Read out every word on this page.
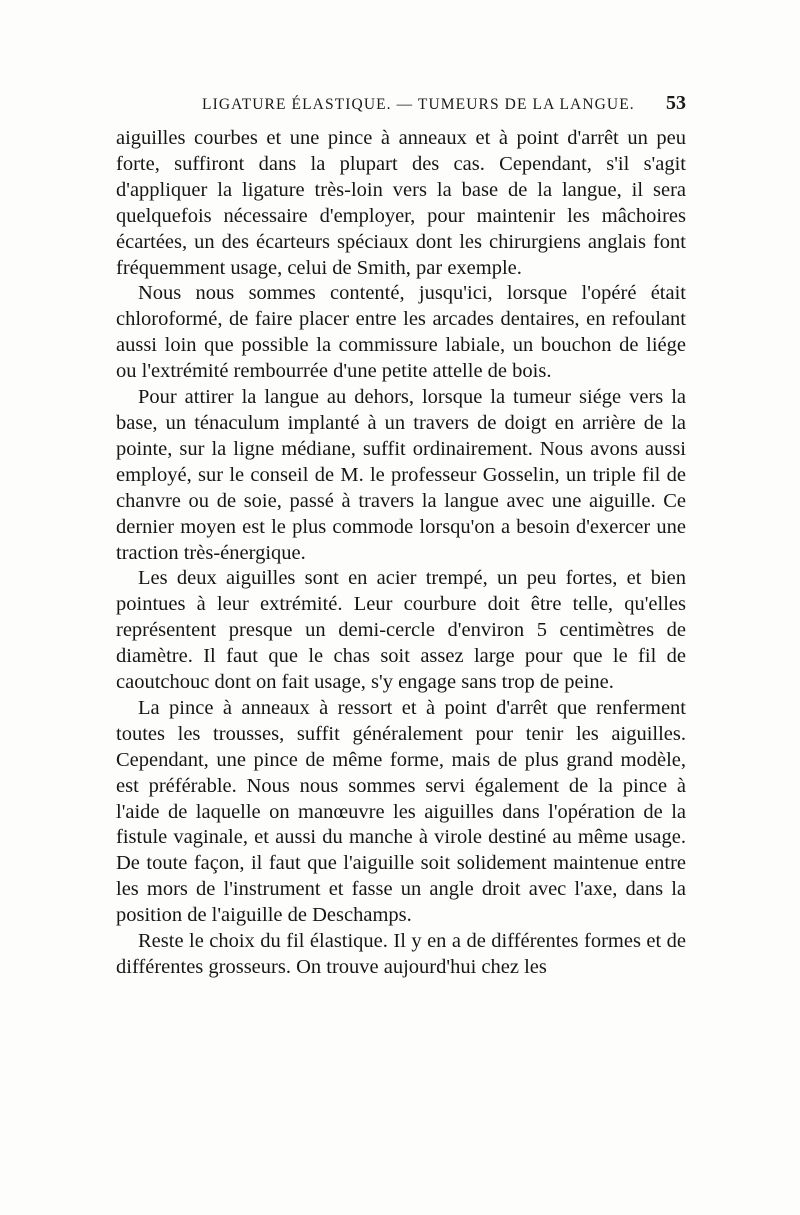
LIGATURE ÉLASTIQUE. — TUMEURS DE LA LANGUE. 53

aiguilles courbes et une pince à anneaux et à point d'arrêt un peu forte, suffiront dans la plupart des cas. Cependant, s'il s'agit d'appliquer la ligature très-loin vers la base de la langue, il sera quelquefois nécessaire d'employer, pour maintenir les mâchoires écartées, un des écarteurs spéciaux dont les chirurgiens anglais font fréquemment usage, celui de Smith, par exemple.

Nous nous sommes contenté, jusqu'ici, lorsque l'opéré était chloroformé, de faire placer entre les arcades dentaires, en refoulant aussi loin que possible la commissure labiale, un bouchon de liége ou l'extrémité rembourrée d'une petite attelle de bois.

Pour attirer la langue au dehors, lorsque la tumeur siége vers la base, un ténaculum implanté à un travers de doigt en arrière de la pointe, sur la ligne médiane, suffit ordinairement. Nous avons aussi employé, sur le conseil de M. le professeur Gosselin, un triple fil de chanvre ou de soie, passé à travers la langue avec une aiguille. Ce dernier moyen est le plus commode lorsqu'on a besoin d'exercer une traction très-énergique.

Les deux aiguilles sont en acier trempé, un peu fortes, et bien pointues à leur extrémité. Leur courbure doit être telle, qu'elles représentent presque un demi-cercle d'environ 5 centimètres de diamètre. Il faut que le chas soit assez large pour que le fil de caoutchouc dont on fait usage, s'y engage sans trop de peine.

La pince à anneaux à ressort et à point d'arrêt que renferment toutes les trousses, suffit généralement pour tenir les aiguilles. Cependant, une pince de même forme, mais de plus grand modèle, est préférable. Nous nous sommes servi également de la pince à l'aide de laquelle on manœuvre les aiguilles dans l'opération de la fistule vaginale, et aussi du manche à virole destiné au même usage. De toute façon, il faut que l'aiguille soit solidement maintenue entre les mors de l'instrument et fasse un angle droit avec l'axe, dans la position de l'aiguille de Deschamps.

Reste le choix du fil élastique. Il y en a de différentes formes et de différentes grosseurs. On trouve aujourd'hui chez les
